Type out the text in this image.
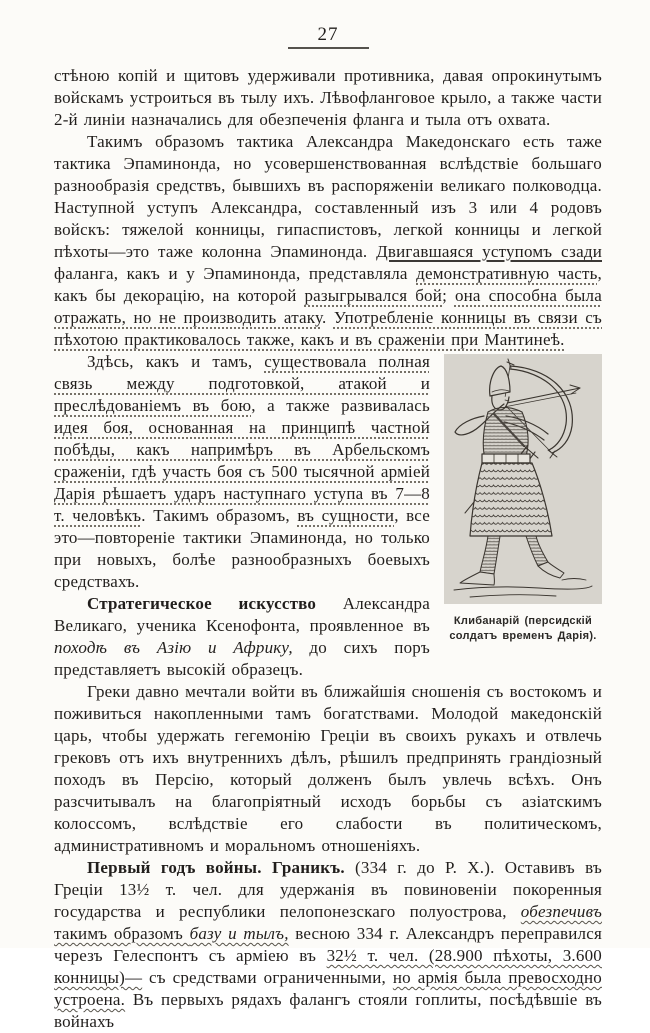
27

стѣною копій и щитовъ удерживали противника, давая опрокинутымъ войскамъ устроиться въ тылу ихъ. Лѣвофланговое крыло, а также части 2-й линіи назначались для обезпеченія фланга и тыла отъ охвата.

Такимъ образомъ тактика Александра Македонскаго есть таже тактика Эпаминонда, но усовершенствованная вслѣдствіе большаго разнообразія средствъ, бывшихъ въ распоряженіи великаго полководца. Наступной уступъ Александра, составленный изъ 3 или 4 родовъ войскъ: тяжелой конницы, гипаспистовъ, легкой конницы и легкой пѣхоты—это таже колонна Эпаминонда. Двигавшаяся уступомъ сзади фаланга, какъ и у Эпаминонда, представляла демонстративную часть, какъ бы декорацію, на которой разыгрывался бой; она способна была отражать, но не производить атаку. Употребленіе конницы въ связи съ пѣхотою практиковалось также, какъ и въ сраженіи при Мантинеѣ.

Клибанарій (персидскій
солдатъ временъ Дарія).

Здѣсь, какъ и тамъ, существовала полная связь между подготовкой, атакой и преслѣдованіемъ въ бою, а также развивалась идея боя, основанная на принципѣ частной побѣды, какъ напримѣръ въ Арбельскомъ сраженіи, гдѣ участь боя съ 500 тысячной арміей Дарія рѣшаетъ ударъ наступнаго уступа въ 7—8 т. человѣкъ. Такимъ образомъ, въ сущности, все это—повтореніе тактики Эпаминонда, но только при новыхъ, болѣе разнообразныхъ боевыхъ средствахъ.

Стратегическое искусство Александра Великаго, ученика Ксенофонта, проявленное въ походѣ въ Азію и Африку, до сихъ поръ представляетъ высокій образецъ.

Греки давно мечтали войти въ ближайшія сношенія съ востокомъ и поживиться накопленными тамъ богатствами. Молодой македонскій царь, чтобы удержать гегемонію Греціи въ своихъ рукахъ и отвлечь грековъ отъ ихъ внутреннихъ дѣлъ, рѣшилъ предпринять грандіозный походъ въ Персію, который долженъ былъ увлечь всѣхъ. Онъ разсчитывалъ на благопріятный исходъ борьбы съ азіатскимъ колоссомъ, вслѣдствіе его слабости въ политическомъ, административномъ и моральномъ отношеніяхъ.

Первый годъ войны. Граникъ. (334 г. до Р. Х.). Оставивъ въ Греціи 13½ т. чел. для удержанія въ повиновеніи покоренныя государства и республики пелопонезскаго полуострова, обезпечивъ такимъ образомъ базу и тылъ, весною 334 г. Александръ переправился черезъ Гелеспонтъ съ арміею въ 32½ т. чел. (28.900 пѣхоты, 3.600 конницы)— съ средствами ограниченными, но армія была превосходно устроена. Въ первыхъ рядахъ фалангъ стояли гоплиты, посѣдѣвшіе въ войнахъ
